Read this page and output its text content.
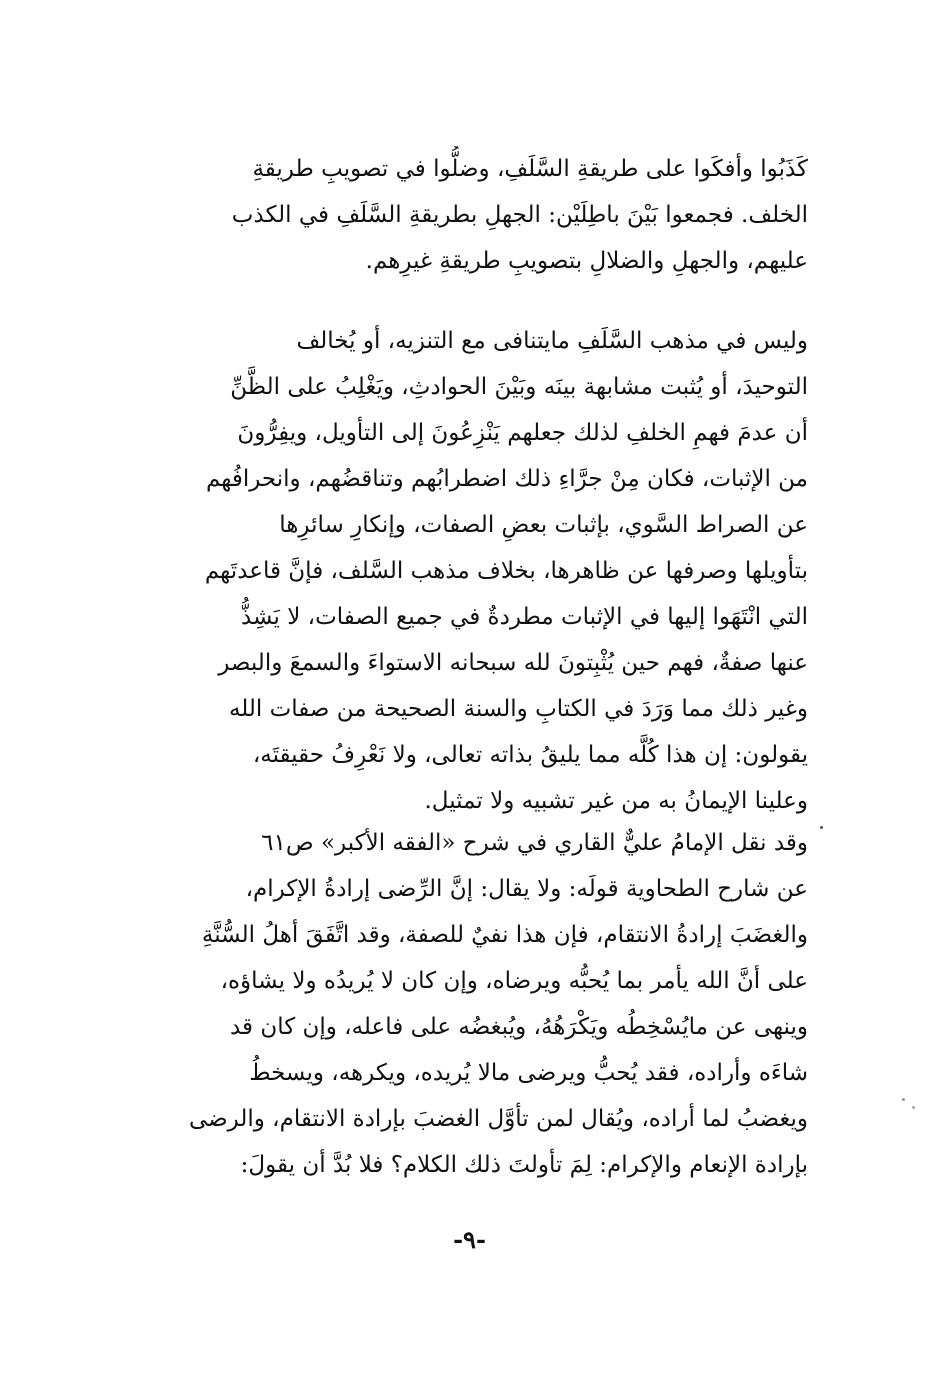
كَذَبُوا وأفكَوا على طريقةِ السَّلَفِ، وضلُّوا في تصويبِ طريقةِ
الخلف. فجمعوا بَيْنَ باطِلَيْن: الجهلِ بطريقةِ السَّلَفِ في الكذب
عليهم، والجهلِ والضلالِ بتصويبِ طريقةِ غيرِهم.
وليس في مذهب السَّلَفِ مايتنافى مع التنزيه، أو يُخالف
التوحيدَ، أو يُثبت مشابهة بينَه وبَيْنَ الحوادثِ، ويَغْلِبُ على الظَّنِّ
أن عدمَ فهمِ الخلفِ لذلك جعلهم يَنْزِعُونَ إلى التأويل، ويفِرُّونَ
من الإثبات، فكان مِنْ جرَّاءِ ذلك اضطرابُهم وتناقضُهم، وانحرافُهم
عن الصراط السَّوي، بإثبات بعضِ الصفات، وإنكارِ سائرِها
بتأويلها وصرفها عن ظاهرها، بخلاف مذهب السَّلف، فإنَّ قاعدتَهم
التي انْتَهَوا إليها في الإثبات مطردةٌ في جميع الصفات، لا يَشِذُّ
عنها صفةٌ، فهم حين يُثْبِتونَ لله سبحانه الاستواءَ والسمعَ والبصر
وغير ذلك مما وَرَدَ في الكتابِ والسنة الصحيحة من صفات الله
يقولون: إن هذا كُلَّه مما يليقُ بذاته تعالى، ولا نَعْرِفُ حقيقتَه،
وعلينا الإيمانُ به من غير تشبيه ولا تمثيل.
وقد نقل الإمامُ عليٌّ القاري في شرح «الفقه الأكبر» ص٦١
عن شارح الطحاوية قولَه: ولا يقال: إنَّ الرِّضى إرادةُ الإكرام،
والغضَبَ إرادةُ الانتقام، فإن هذا نفيٌ للصفة، وقد اتَّفَقَ أهلُ السُّنَّةِ
على أنَّ الله يأمر بما يُحبُّه ويرضاه، وإن كان لا يُريدُه ولا يشاؤه،
وينهى عن مايُسْخِطُه ويَكْرَهُهُ، ويُبغضُه على فاعله، وإن كان قد
شاءَه وأراده، فقد يُحبُّ ويرضى مالا يُريده، ويكرهه، ويسخطُ
ويغضبُ لما أراده، ويُقال لمن تأوَّل الغضبَ بإرادة الانتقام، والرضى
بإرادة الإنعام والإكرام: لِمَ تأولتَ ذلك الكلام؟ فلا بُدَّ أن يقولَ:
-٩-
